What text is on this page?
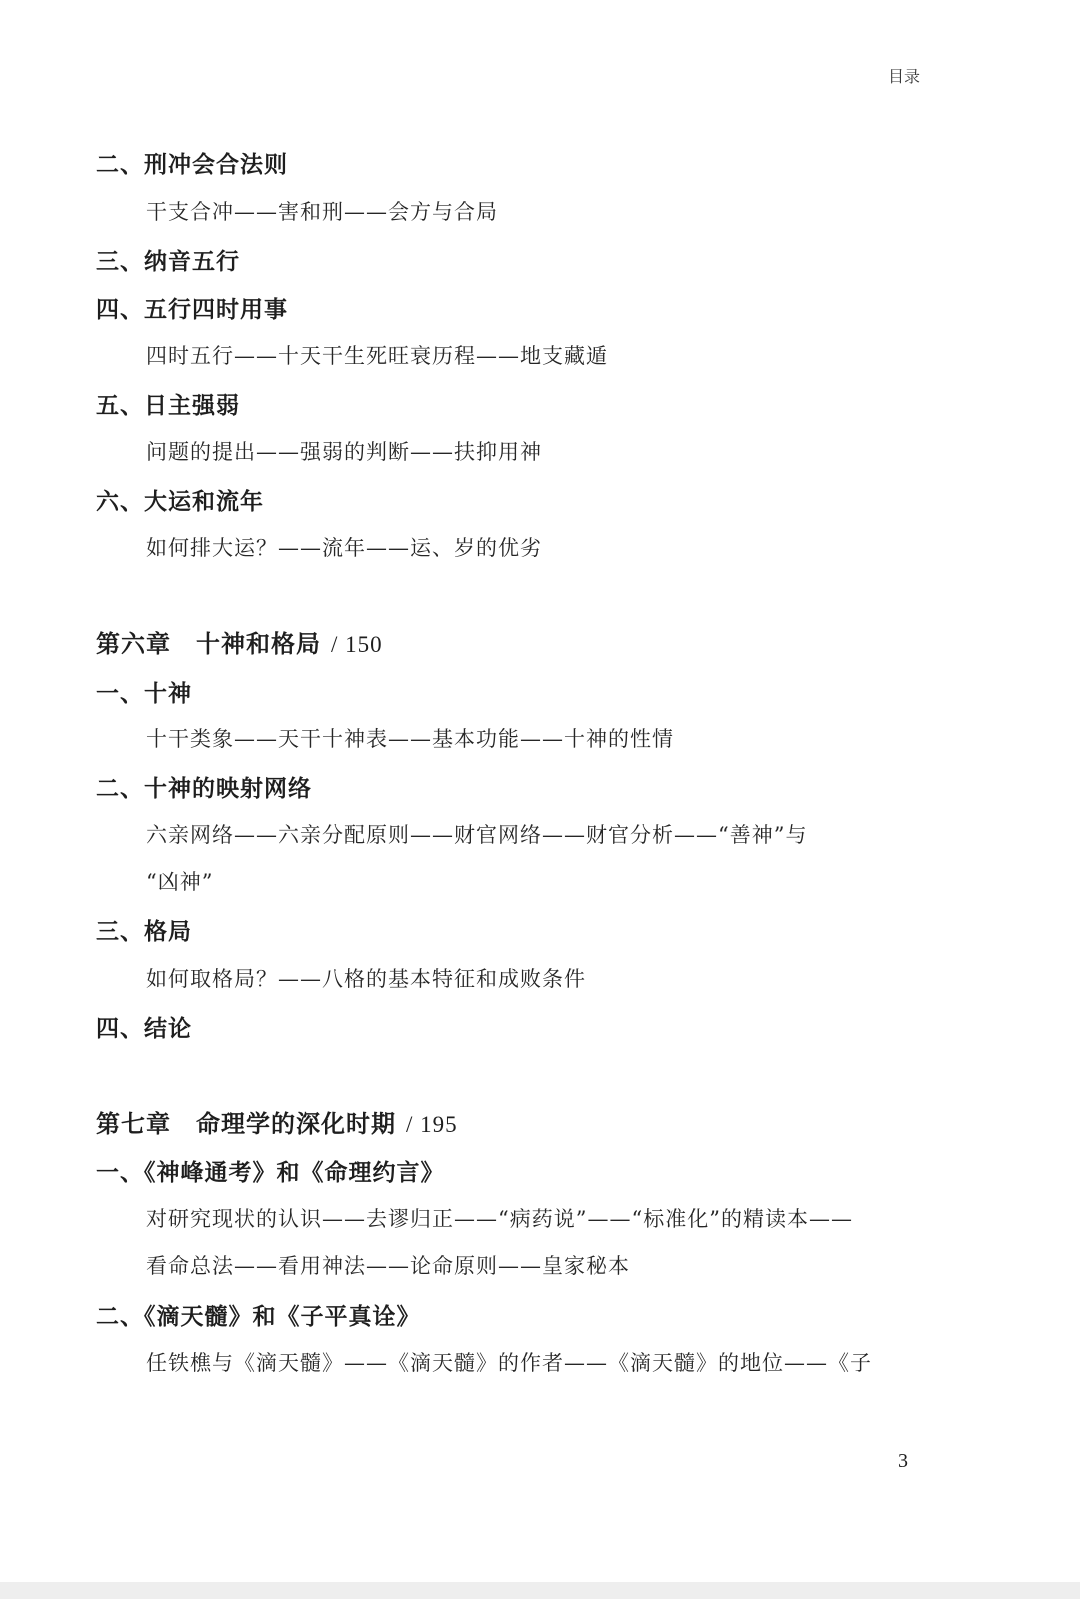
目录
二、刑冲会合法则
干支合冲——害和刑——会方与合局
三、纳音五行
四、五行四时用事
四时五行——十天干生死旺衰历程——地支藏遁
五、日主强弱
问题的提出——强弱的判断——扶抑用神
六、大运和流年
如何排大运？——流年——运、岁的优劣
第六章　十神和格局 / 150
一、十神
十干类象——天干十神表——基本功能——十神的性情
二、十神的映射网络
六亲网络——六亲分配原则——财官网络——财官分析——“善神”与
“凶神”
三、格局
如何取格局？——八格的基本特征和成败条件
四、结论
第七章　命理学的深化时期 / 195
一、《神峰通考》和《命理约言》
对研究现状的认识——去谬归正——“病药说”——“标准化”的精读本——
看命总法——看用神法——论命原则——皇家秘本
二、《滴天髓》和《子平真诠》
任铁樵与《滴天髓》——《滴天髓》的作者——《滴天髓》的地位——《子
3
